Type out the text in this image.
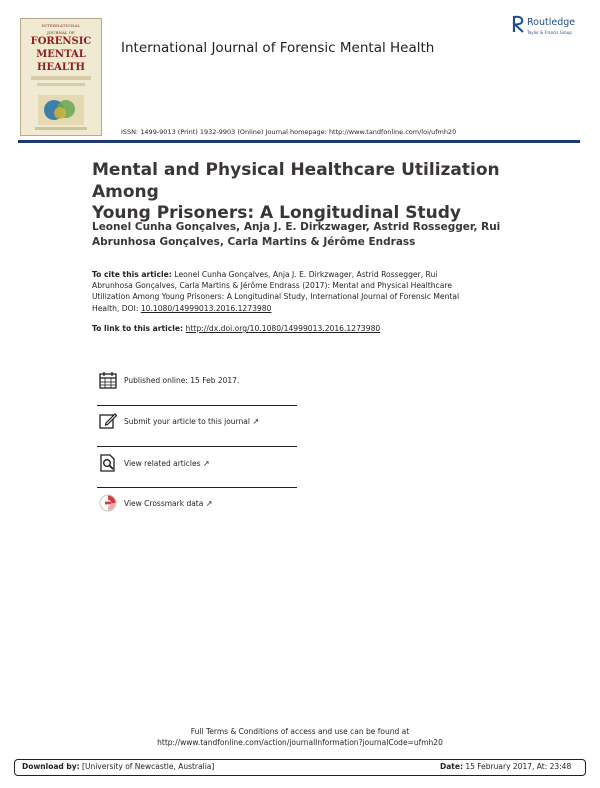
INTERNATIONAL
JOURNAL OF
FORENSIC
MENTAL
HEALTH
International Journal of Forensic Mental Health
Routledge
Taylor & Francis Group
ISSN: 1499-9013 (Print) 1932-9903 (Online) Journal homepage: http://www.tandfonline.com/loi/ufmh20
Mental and Physical Healthcare Utilization Among
Young Prisoners: A Longitudinal Study
Leonel Cunha Gonçalves, Anja J. E. Dirkzwager, Astrid Rossegger, Rui
Abrunhosa Gonçalves, Carla Martins & Jérôme Endrass
To cite this article: Leonel Cunha Gonçalves, Anja J. E. Dirkzwager, Astrid Rossegger, Rui
Abrunhosa Gonçalves, Carla Martins & Jérôme Endrass (2017): Mental and Physical Healthcare
Utilization Among Young Prisoners: A Longitudinal Study, International Journal of Forensic Mental
Health, DOI: 10.1080/14999013.2016.1273980
To link to this article: http://dx.doi.org/10.1080/14999013.2016.1273980
Published online: 15 Feb 2017.
Submit your article to this journal ↗
View related articles ↗
View Crossmark data ↗
Full Terms & Conditions of access and use can be found at
http://www.tandfonline.com/action/journalInformation?journalCode=ufmh20
Download by: [University of Newcastle, Australia]	Date: 15 February 2017, At: 23:48
